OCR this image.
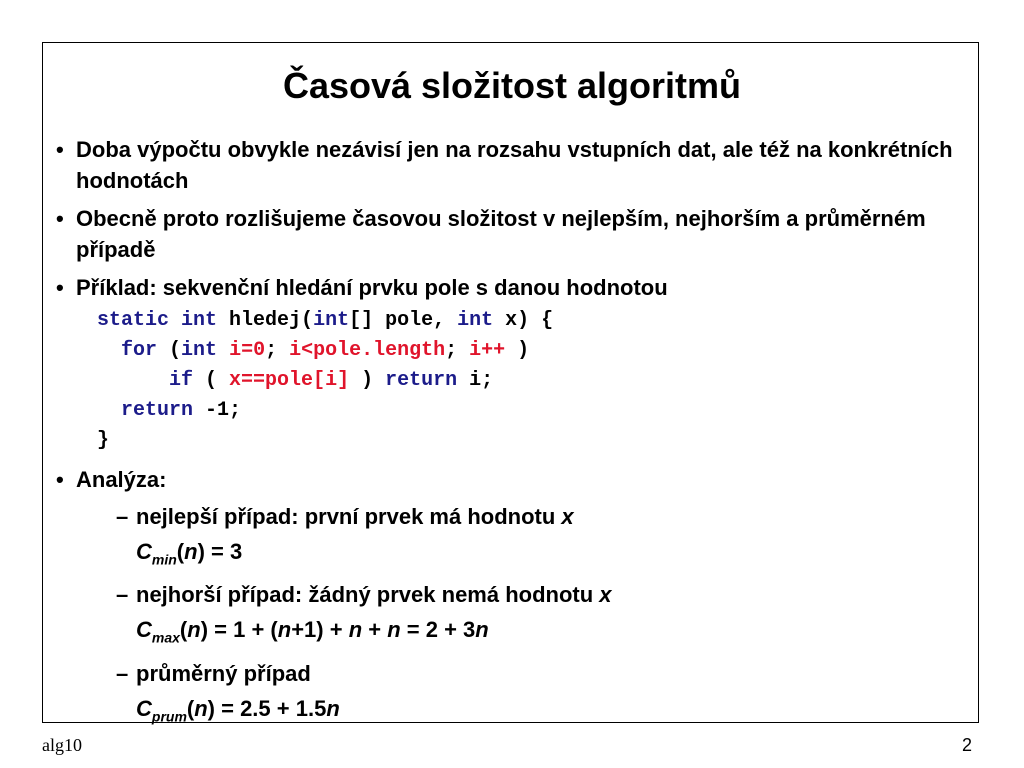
Časová složitost algoritmů
• Doba výpočtu obvykle nezávisí jen na rozsahu vstupních dat, ale též na konkrétních hodnotách
• Obecně proto rozlišujeme časovou složitost v nejlepším, nejhorším a průměrném případě
• Příklad: sekvenční hledání prvku pole s danou hodnotou
static int hledej(int[] pole, int x) {
for (int i=0; i<pole.length; i++ )
if ( x==pole[i] ) return i;
return -1;
}
• Analýza:
– nejlepší případ: první prvek má hodnotu x
$C_{min}(n) = 3$
– nejhorší případ: žádný prvek nemá hodnotu x
$C_{max}(n) = 1 + (n+1) + n + n = 2 + 3n$
– průměrný případ
$C_{prum}(n) = 2.5 + 1.5n$
alg10	2
